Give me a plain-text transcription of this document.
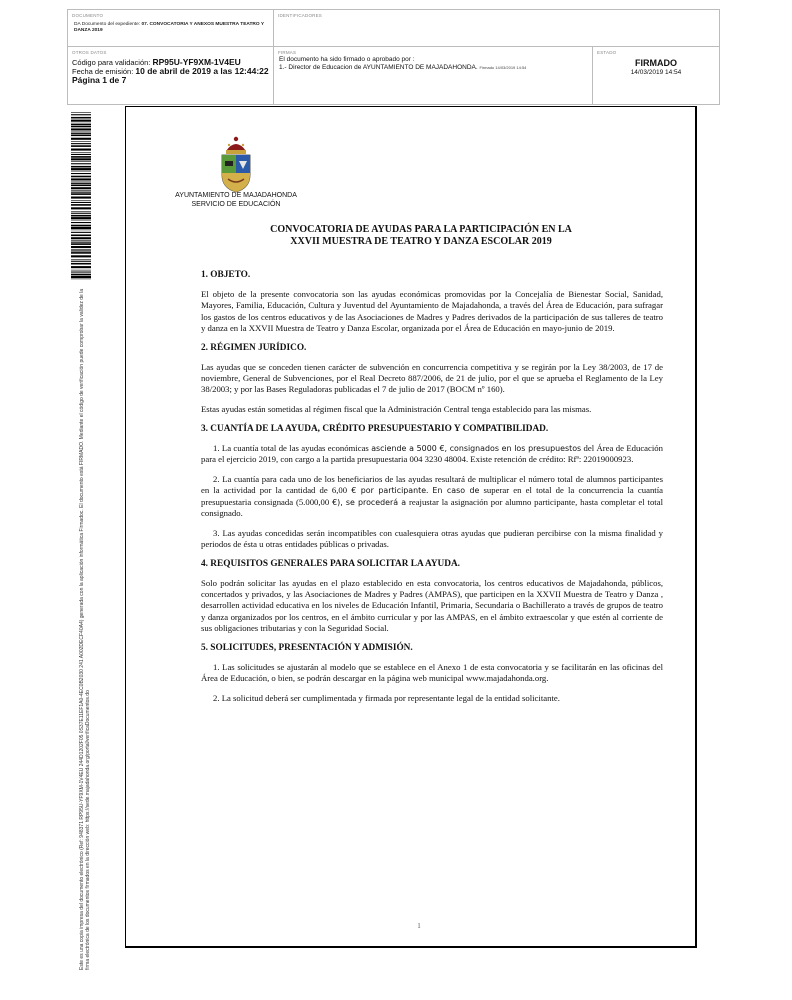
DOCUMENTO
DA Documento del expediente: 07. CONVOCATORIA Y ANEXOS MUESTRA TEATRO Y DANZA 2019
IDENTIFICADORES
OTROS DATOS
Código para validación: RP95U-YF9XM-1V4EU
Fecha de emisión: 10 de abril de 2019 a las 12:44:22
Página 1 de 7
FIRMAS
El documento ha sido firmado o aprobado por :
1.- Director de Educacion de AYUNTAMIENTO DE MAJADAHONDA. Firmado 14/03/2019 14:54
ESTADO
FIRMADO
14/03/2019 14:54
Este es una copia impresa del documento electrónico (Ref: 948371 RP95U-YF9XM-1V4EU 244D1202F05 0S37E11EF1A0-4EC0B2030 241 A002DECF40A4) generada con la aplicación informática Firmadoc. El documento está FIRMADO. Mediante el código de verificación puede comprobar la validez de la firma electrónica de los documentos firmados en la dirección web: https://sede.majadahonda.org/portal/verificaDocumentos.do
AYUNTAMIENTO DE MAJADAHONDA
SERVICIO DE EDUCACIÓN
CONVOCATORIA DE AYUDAS PARA LA PARTICIPACIÓN EN LA
XXVII MUESTRA DE TEATRO Y DANZA ESCOLAR 2019
1. OBJETO.

El objeto de la presente convocatoria son las ayudas económicas promovidas por la Concejalía de Bienestar Social, Sanidad, Mayores, Familia, Educación, Cultura y Juventud del Ayuntamiento de Majadahonda, a través del Área de Educación, para sufragar los gastos de los centros educativos y de las Asociaciones de Madres y Padres derivados de la participación de sus talleres de teatro y danza en la XXVII Muestra de Teatro y Danza Escolar, organizada por el Área de Educación en mayo-junio de 2019.

2. RÉGIMEN JURÍDICO.

Las ayudas que se conceden tienen carácter de subvención en concurrencia competitiva y se regirán por la Ley 38/2003, de 17 de noviembre, General de Subvenciones, por el Real Decreto 887/2006, de 21 de julio, por el que se aprueba el Reglamento de la Ley 38/2003; y por las Bases Reguladoras publicadas el 7 de julio de 2017 (BOCM nº 160).

Estas ayudas están sometidas al régimen fiscal que la Administración Central tenga establecido para las mismas.

3. CUANTÍA DE LA AYUDA, CRÉDITO PRESUPUESTARIO Y COMPATIBILIDAD.

1. La cuantía total de las ayudas económicas asciende a 5000 €, consignados en los presupuestos del Área de Educación para el ejercicio 2019, con cargo a la partida presupuestaria 004 3230 48004. Existe retención de crédito: Rfª: 22019000923.

2. La cuantía para cada uno de los beneficiarios de las ayudas resultará de multiplicar el número total de alumnos participantes en la actividad por la cantidad de 6,00 € por participante. En caso de superar en el total de la concurrencia la cuantía presupuestaria consignada (5.000,00 €), se procederá a reajustar la asignación por alumno participante, hasta completar el total consignado.

3. Las ayudas concedidas serán incompatibles con cualesquiera otras ayudas que pudieran percibirse con la misma finalidad y periodos de ésta u otras entidades públicas o privadas.

4. REQUISITOS GENERALES PARA SOLICITAR LA AYUDA.

Solo podrán solicitar las ayudas en el plazo establecido en esta convocatoria, los centros educativos de Majadahonda, públicos, concertados y privados, y las Asociaciones de Madres y Padres (AMPAS), que participen en la XXVII Muestra de Teatro y Danza , desarrollen actividad educativa en los niveles de Educación Infantil, Primaria, Secundaria o Bachillerato a través de grupos de teatro y danza organizados por los centros, en el ámbito curricular y por las AMPAS, en el ámbito extraescolar y que estén al corriente de sus obligaciones tributarias y con la Seguridad Social.

5. SOLICITUDES, PRESENTACIÓN Y ADMISIÓN.

1. Las solicitudes se ajustarán al modelo que se establece en el Anexo 1 de esta convocatoria y se facilitarán en las oficinas del Área de Educación, o bien, se podrán descargar en la página web municipal www.majadahonda.org.

2. La solicitud deberá ser cumplimentada y firmada por representante legal de la entidad solicitante.

1
